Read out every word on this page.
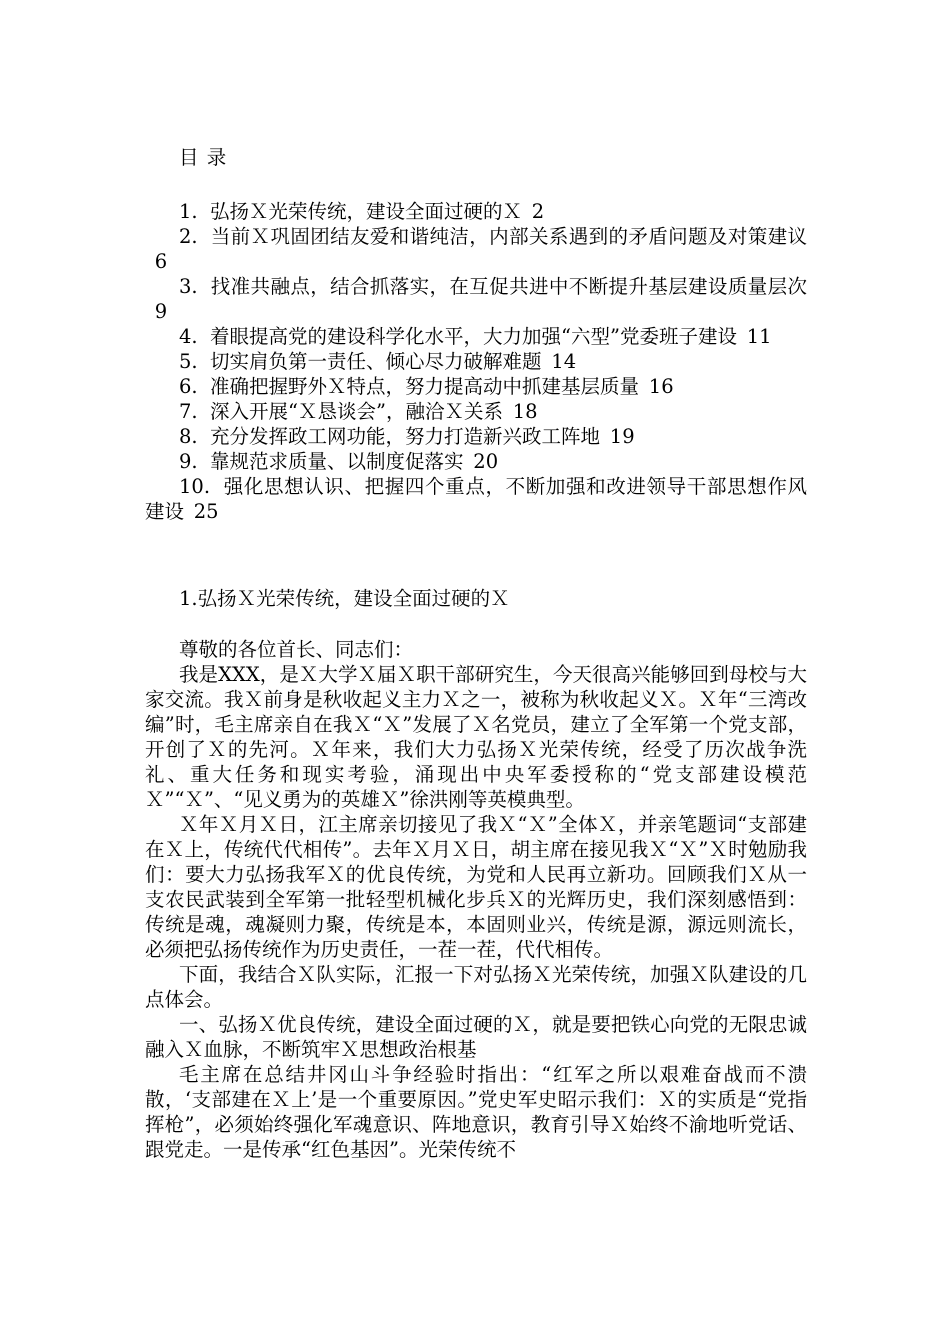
目 录

1. 弘扬Ｘ光荣传统，建设全面过硬的Ｘ 2
2. 当前Ｘ巩固团结友爱和谐纯洁，内部关系遇到的矛盾问题及对策建议6
3. 找准共融点，结合抓落实，在互促共进中不断提升基层建设质量层次9
4. 着眼提高党的建设科学化水平，大力加强“六型”党委班子建设 11
5. 切实肩负第一责任、倾心尽力破解难题 14
6. 准确把握野外Ｘ特点，努力提高动中抓建基层质量 16
7. 深入开展“Ｘ恳谈会”，融洽Ｘ关系 18
8. 充分发挥政工网功能，努力打造新兴政工阵地 19
9. 靠规范求质量、以制度促落实 20
10. 强化思想认识、把握四个重点，不断加强和改进领导干部思想作风建设 25

1.弘扬Ｘ光荣传统，建设全面过硬的Ｘ

尊敬的各位首长、同志们：

我是XXX，是Ｘ大学Ｘ届Ｘ职干部研究生，今天很高兴能够回到母校与大家交流。我Ｘ前身是秋收起义主力Ｘ之一，被称为秋收起义Ｘ。Ｘ年“三湾改编”时，毛主席亲自在我Ｘ“Ｘ”发展了Ｘ名党员，建立了全军第一个党支部，开创了Ｘ的先河。Ｘ年来，我们大力弘扬Ｘ光荣传统，经受了历次战争洗礼、重大任务和现实考验，涌现出中央军委授称的“党支部建设模范Ｘ”“Ｘ”、“见义勇为的英雄Ｘ”徐洪刚等英模典型。

Ｘ年Ｘ月Ｘ日，江主席亲切接见了我Ｘ“Ｘ”全体Ｘ，并亲笔题词“支部建在Ｘ上，传统代代相传”。去年Ｘ月Ｘ日，胡主席在接见我Ｘ“Ｘ”Ｘ时勉励我们：要大力弘扬我军Ｘ的优良传统，为党和人民再立新功。回顾我们Ｘ从一支农民武装到全军第一批轻型机械化步兵Ｘ的光辉历史，我们深刻感悟到：传统是魂，魂凝则力聚，传统是本，本固则业兴，传统是源，源远则流长，必须把弘扬传统作为历史责任，一茬一茬，代代相传。

下面，我结合Ｘ队实际，汇报一下对弘扬Ｘ光荣传统，加强Ｘ队建设的几点体会。

一、弘扬Ｘ优良传统，建设全面过硬的Ｘ，就是要把铁心向党的无限忠诚融入Ｘ血脉，不断筑牢Ｘ思想政治根基

毛主席在总结井冈山斗争经验时指出：“红军之所以艰难奋战而不溃散，‘支部建在Ｘ上’是一个重要原因。”党史军史昭示我们：Ｘ的实质是“党指挥枪”，必须始终强化军魂意识、阵地意识，教育引导Ｘ始终不渝地听党话、跟党走。一是传承“红色基因”。光荣传统不
